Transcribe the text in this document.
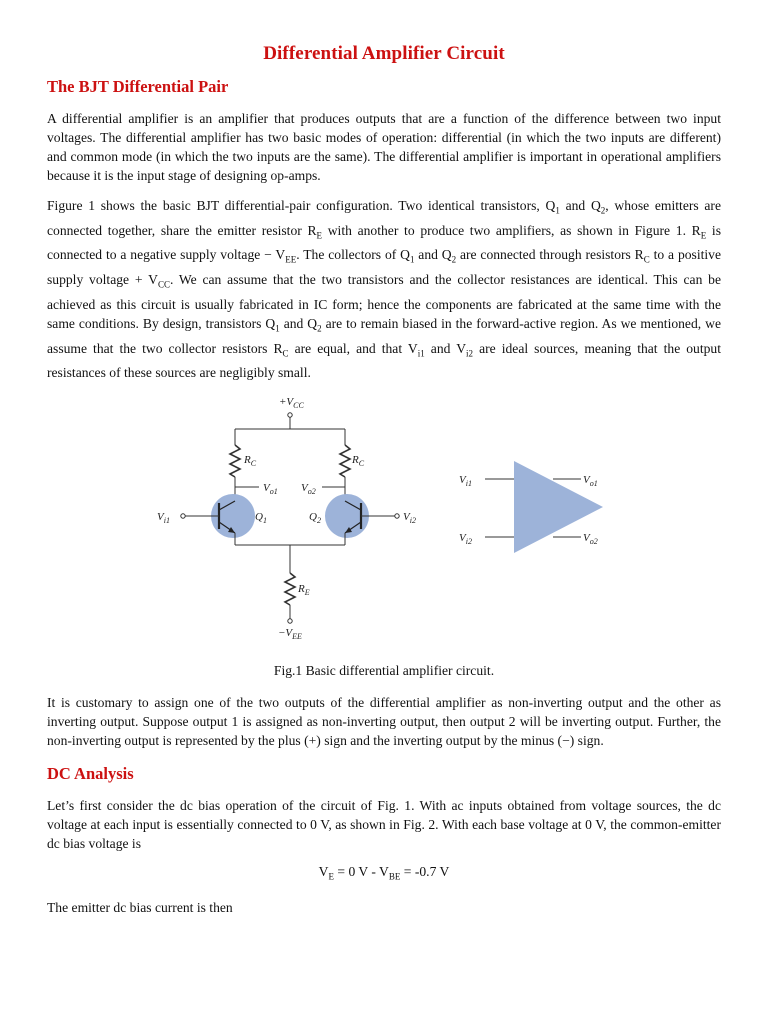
Differential Amplifier Circuit
The BJT Differential Pair

A differential amplifier is an amplifier that produces outputs that are a function of the difference between two input voltages. The differential amplifier has two basic modes of operation: differential (in which the two inputs are different) and common mode (in which the two inputs are the same). The differential amplifier is important in operational amplifiers because it is the input stage of designing op-amps.

Figure 1 shows the basic BJT differential-pair configuration. Two identical transistors, $Q_1$ and $Q_2$, whose emitters are connected together, share the emitter resistor $R_E$ with another to produce two amplifiers, as shown in Figure 1. $R_E$ is connected to a negative supply voltage − $V_{EE}$. The collectors of $Q_1$ and $Q_2$ are connected through resistors $R_C$ to a positive supply voltage + $V_{CC}$. We can assume that the two transistors and the collector resistances are identical. This can be achieved as this circuit is usually fabricated in IC form; hence the components are fabricated at the same time with the same conditions. By design, transistors $Q_1$ and $Q_2$ are to remain biased in the forward-active region. As we mentioned, we assume that the two collector resistors $R_C$ are equal, and that $V_{i1}$ and $V_{i2}$ are ideal sources, meaning that the output resistances of these sources are negligibly small.

$+V_{CC}$
$R_C$	$R_C$
$V_{o1}$ $V_{o2}$
$V_{i1}$	$Q_1$	$V_{i2}$
$Q_2$
$R_E$
$-V_{EE}$
$V_{i1}$
$V_{i2}$
$V_{o1}$
$V_{o2}$
Fig.1 Basic differential amplifier circuit.

It is customary to assign one of the two outputs of the differential amplifier as non-inverting output and the other as inverting output. Suppose output 1 is assigned as non-inverting output, then output 2 will be inverting output. Further, the non-inverting output is represented by the plus (+) sign and the inverting output by the minus (−) sign.

DC Analysis

Let’s first consider the dc bias operation of the circuit of Fig. 1. With ac inputs obtained from voltage sources, the dc voltage at each input is essentially connected to 0 V, as shown in Fig. 2. With each base voltage at 0 V, the common-emitter dc bias voltage is

$V_E = 0$ $V - V_{BE} = -0.7$ V

The emitter dc bias current is then
